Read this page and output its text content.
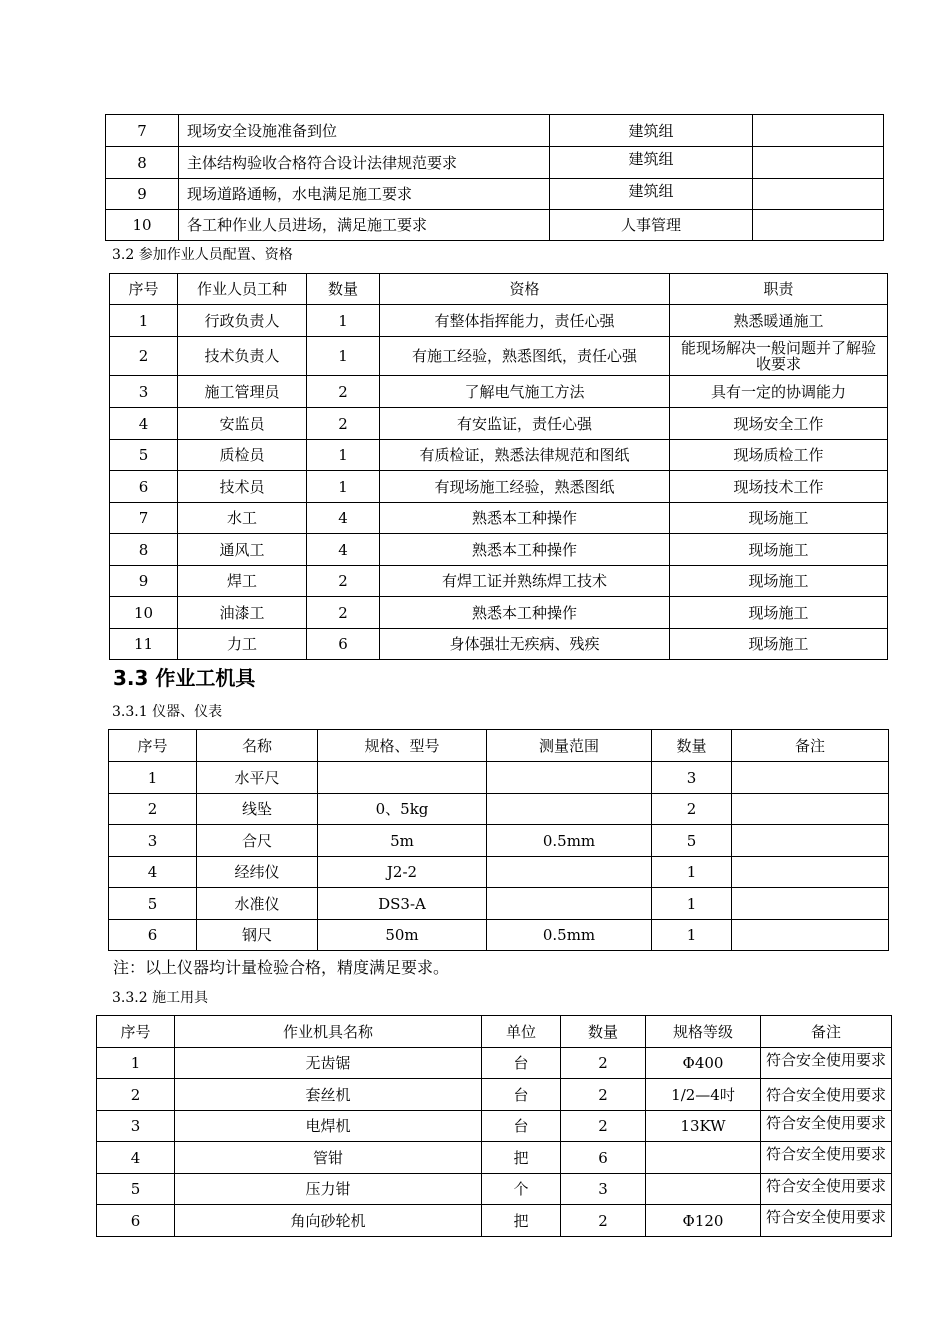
7	现场安全设施准备到位	建筑组	
8	主体结构验收合格符合设计法律规范要求	建筑组	
9	现场道路通畅，水电满足施工要求	建筑组	
10	各工种作业人员进场，满足施工要求	人事管理	
3.2 参加作业人员配置、资格
序号	作业人员工种	数量	资格	职责
1	行政负责人	1	有整体指挥能力，责任心强	熟悉暖通施工
2	技术负责人	1	有施工经验，熟悉图纸，责任心强	能现场解决一般问题并了解验收要求
3	施工管理员	2	了解电气施工方法	具有一定的协调能力
4	安监员	2	有安监证，责任心强	现场安全工作
5	质检员	1	有质检证，熟悉法律规范和图纸	现场质检工作
6	技术员	1	有现场施工经验，熟悉图纸	现场技术工作
7	水工	4	熟悉本工种操作	现场施工
8	通风工	4	熟悉本工种操作	现场施工
9	焊工	2	有焊工证并熟练焊工技术	现场施工
10	油漆工	2	熟悉本工种操作	现场施工
11	力工	6	身体强壮无疾病、残疾	现场施工
3.3 作业工机具
3.3.1 仪器、仪表
序号	名称	规格、型号	测量范围	数量	备注
1	水平尺			3	
2	线坠	0、5kg		2	
3	合尺	5m	0.5mm	5	
4	经纬仪	J2-2		1	
5	水准仪	DS3-A		1	
6	钢尺	50m	0.5mm	1	
注：以上仪器均计量检验合格，精度满足要求。
3.3.2 施工用具
序号	作业机具名称	单位	数量	规格等级	备注
1	无齿锯	台	2	Φ400	符合安全使用要求
2	套丝机	台	2	1/2—4吋	符合安全使用要求
3	电焊机	台	2	13KW	符合安全使用要求
4	管钳	把	6		符合安全使用要求
5	压力钳	个	3		符合安全使用要求
6	角向砂轮机	把	2	Φ120	符合安全使用要求
